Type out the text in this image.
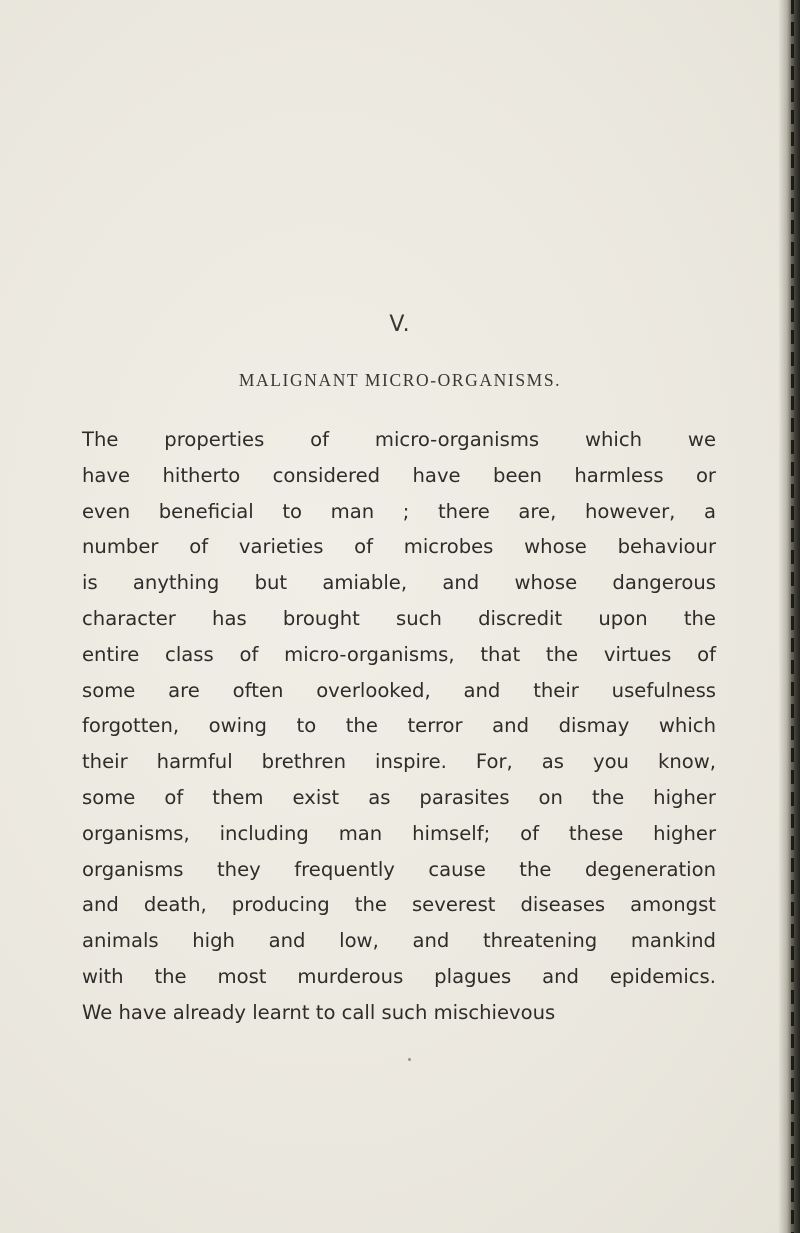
V.
MALIGNANT MICRO-ORGANISMS.
The properties of micro-organisms which we
have hitherto considered have been harmless or
even beneficial to man ; there are, however, a
number of varieties of microbes whose behaviour
is anything but amiable, and whose dangerous
character has brought such discredit upon the
entire class of micro-organisms, that the virtues of
some are often overlooked, and their usefulness
forgotten, owing to the terror and dismay which
their harmful brethren inspire. For, as you know,
some of them exist as parasites on the higher
organisms, including man himself; of these higher
organisms they frequently cause the degeneration
and death, producing the severest diseases amongst
animals high and low, and threatening mankind
with the most murderous plagues and epidemics.
We have already learnt to call such mischievous
